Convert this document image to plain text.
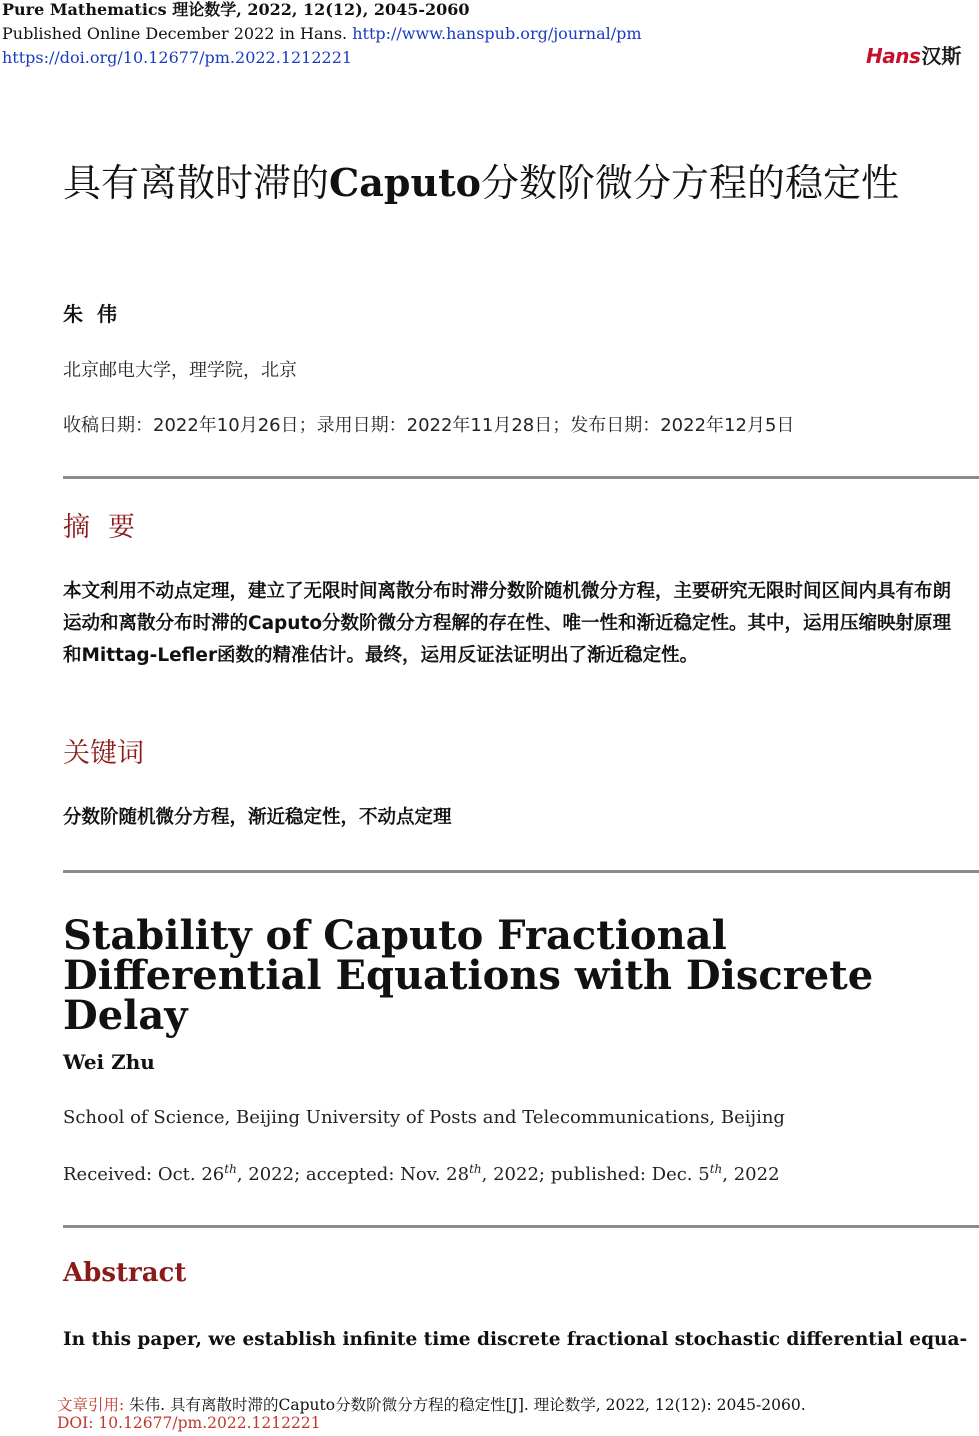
Pure Mathematics 理论数学, 2022, 12(12), 2045-2060
Published Online December 2022 in Hans. http://www.hanspub.org/journal/pm
https://doi.org/10.12677/pm.2022.1212221	Hans汉斯
具有离散时滞的Caputo分数阶微分方程的稳定性
朱伟
北京邮电大学，理学院，北京
收稿日期：2022年10月26日；录用日期：2022年11月28日；发布日期：2022年12月5日
摘要
本文利用不动点定理，建立了无限时间离散分布时滞分数阶随机微分方程，主要研究无限时间区间内具有布朗运动和离散分布时滞的Caputo分数阶微分方程解的存在性、唯一性和渐近稳定性。其中，运用压缩映射原理和Mittag-Lefler函数的精准估计。最终，运用反证法证明出了渐近稳定性。
关键词
分数阶随机微分方程，渐近稳定性，不动点定理
Stability of Caputo Fractional Differential Equations with Discrete Delay
Wei Zhu
School of Science, Beijing University of Posts and Telecommunications, Beijing
Received: Oct. 26th, 2022; accepted: Nov. 28th, 2022; published: Dec. 5th, 2022
Abstract
In this paper, we establish infinite time discrete fractional stochastic differential equa-
文章引用: 朱伟. 具有离散时滞的Caputo分数阶微分方程的稳定性[J]. 理论数学, 2022, 12(12): 2045-2060.
DOI: 10.12677/pm.2022.1212221
